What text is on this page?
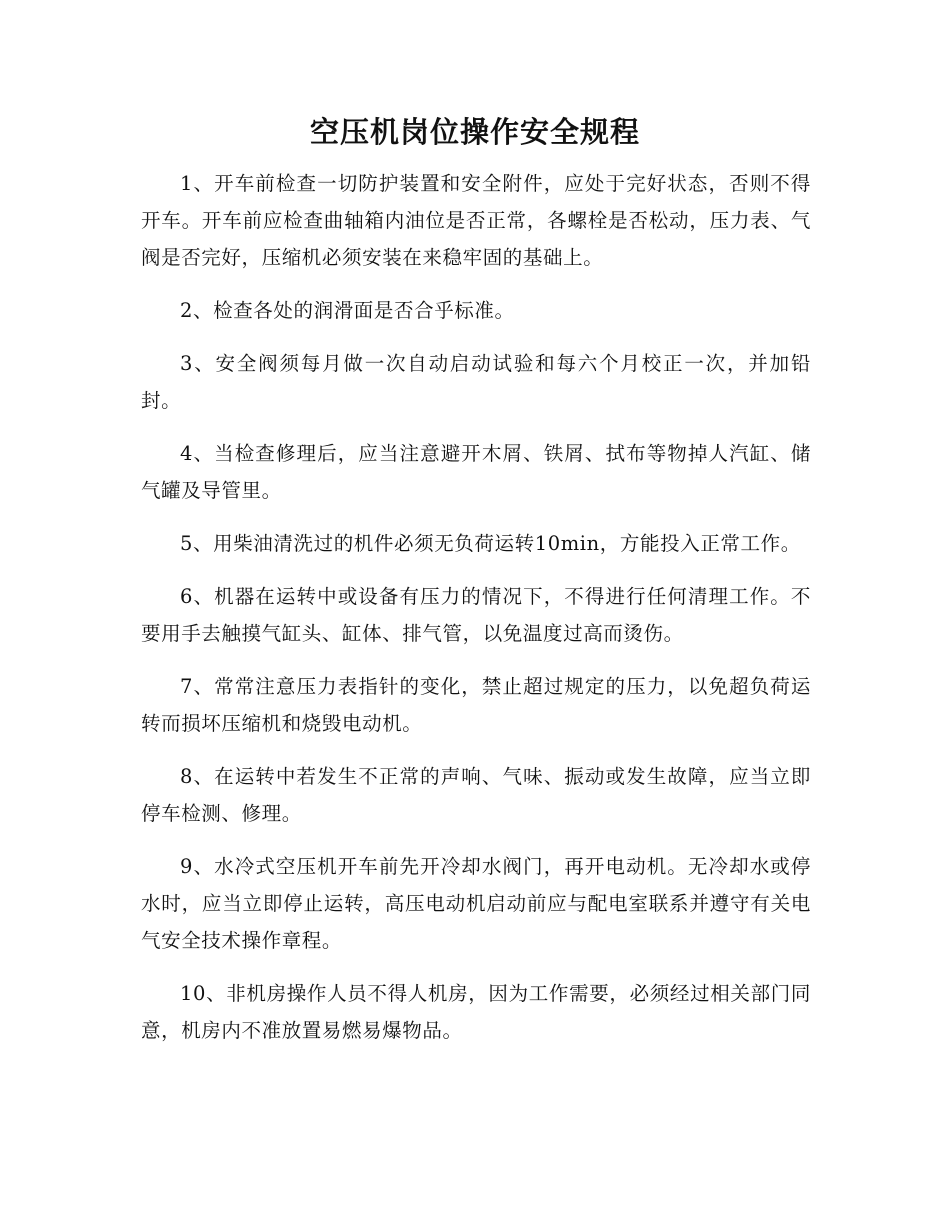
空压机岗位操作安全规程

1、开车前检查一切防护装置和安全附件，应处于完好状态，否则不得开车。开车前应检查曲轴箱内油位是否正常，各螺栓是否松动，压力表、气阀是否完好，压缩机必须安装在来稳牢固的基础上。

2、检查各处的润滑面是否合乎标准。

3、安全阀须每月做一次自动启动试验和每六个月校正一次，并加铅封。

4、当检查修理后，应当注意避开木屑、铁屑、拭布等物掉人汽缸、储气罐及导管里。

5、用柴油清洗过的机件必须无负荷运转10min，方能投入正常工作。

6、机器在运转中或设备有压力的情况下，不得进行任何清理工作。不要用手去触摸气缸头、缸体、排气管，以免温度过高而烫伤。

7、常常注意压力表指针的变化，禁止超过规定的压力，以免超负荷运转而损坏压缩机和烧毁电动机。

8、在运转中若发生不正常的声响、气味、振动或发生故障，应当立即停车检测、修理。

9、水冷式空压机开车前先开冷却水阀门，再开电动机。无冷却水或停水时，应当立即停止运转，高压电动机启动前应与配电室联系并遵守有关电气安全技术操作章程。

10、非机房操作人员不得人机房，因为工作需要，必须经过相关部门同意，机房内不准放置易燃易爆物品。
